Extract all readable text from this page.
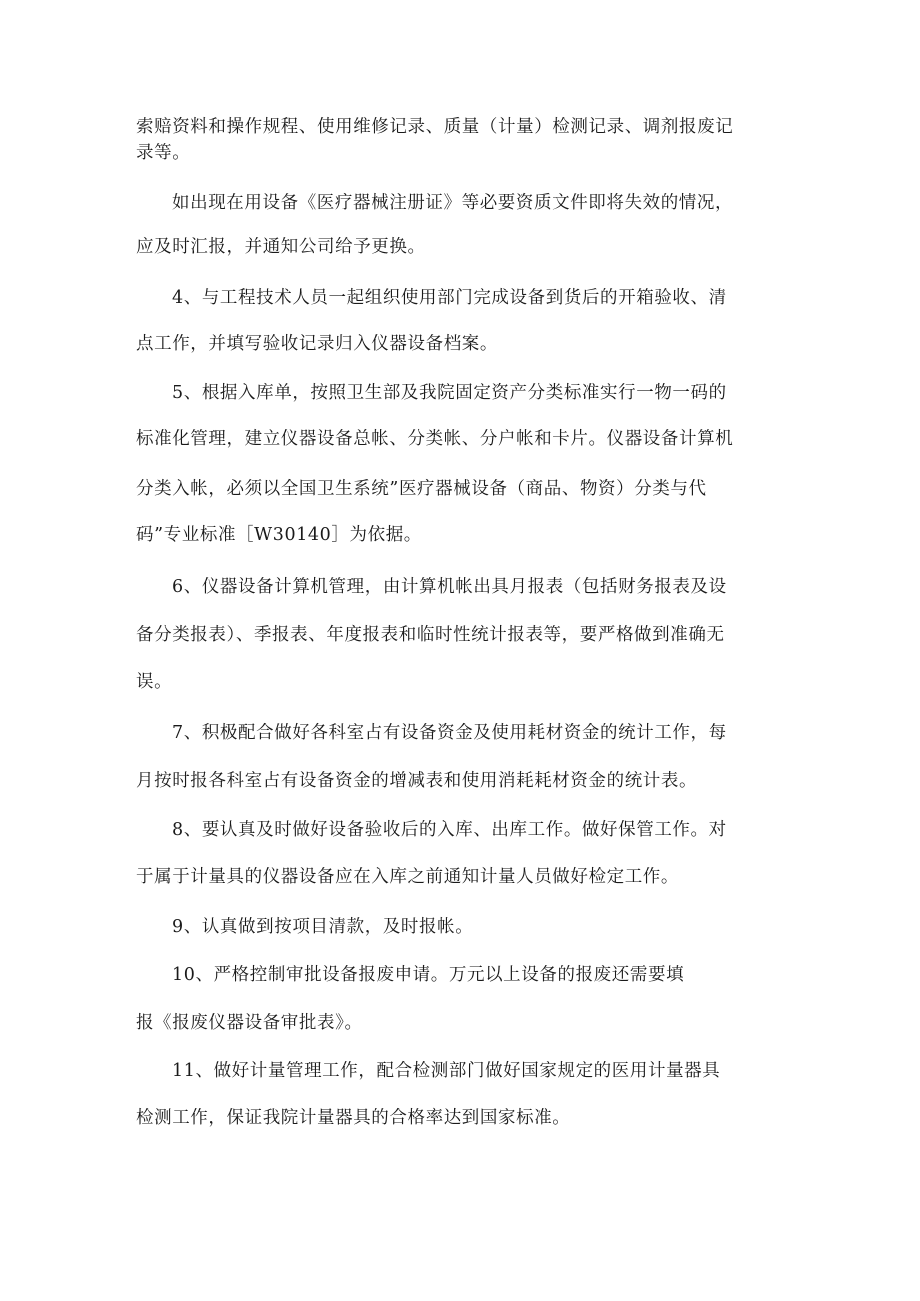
索赔资料和操作规程、使用维修记录、质量（计量）检测记录、调剂报废记
录等。
如出现在用设备《医疗器械注册证》等必要资质文件即将失效的情况，
应及时汇报，并通知公司给予更换。
4、与工程技术人员一起组织使用部门完成设备到货后的开箱验收、清
点工作，并填写验收记录归入仪器设备档案。
5、根据入库单，按照卫生部及我院固定资产分类标准实行一物一码的
标准化管理，建立仪器设备总帐、分类帐、分户帐和卡片。仪器设备计算机
分类入帐，必须以全国卫生系统”医疗器械设备（商品、物资）分类与代
码”专业标准［W30140］为依据。
6、仪器设备计算机管理，由计算机帐出具月报表（包括财务报表及设
备分类报表）、季报表、年度报表和临时性统计报表等，要严格做到准确无
误。
7、积极配合做好各科室占有设备资金及使用耗材资金的统计工作，每
月按时报各科室占有设备资金的增减表和使用消耗耗材资金的统计表。
8、要认真及时做好设备验收后的入库、出库工作。做好保管工作。对
于属于计量具的仪器设备应在入库之前通知计量人员做好检定工作。
9、认真做到按项目清款，及时报帐。
10、严格控制审批设备报废申请。万元以上设备的报废还需要填
报《报废仪器设备审批表》。
11、做好计量管理工作，配合检测部门做好国家规定的医用计量器具
检测工作，保证我院计量器具的合格率达到国家标准。
